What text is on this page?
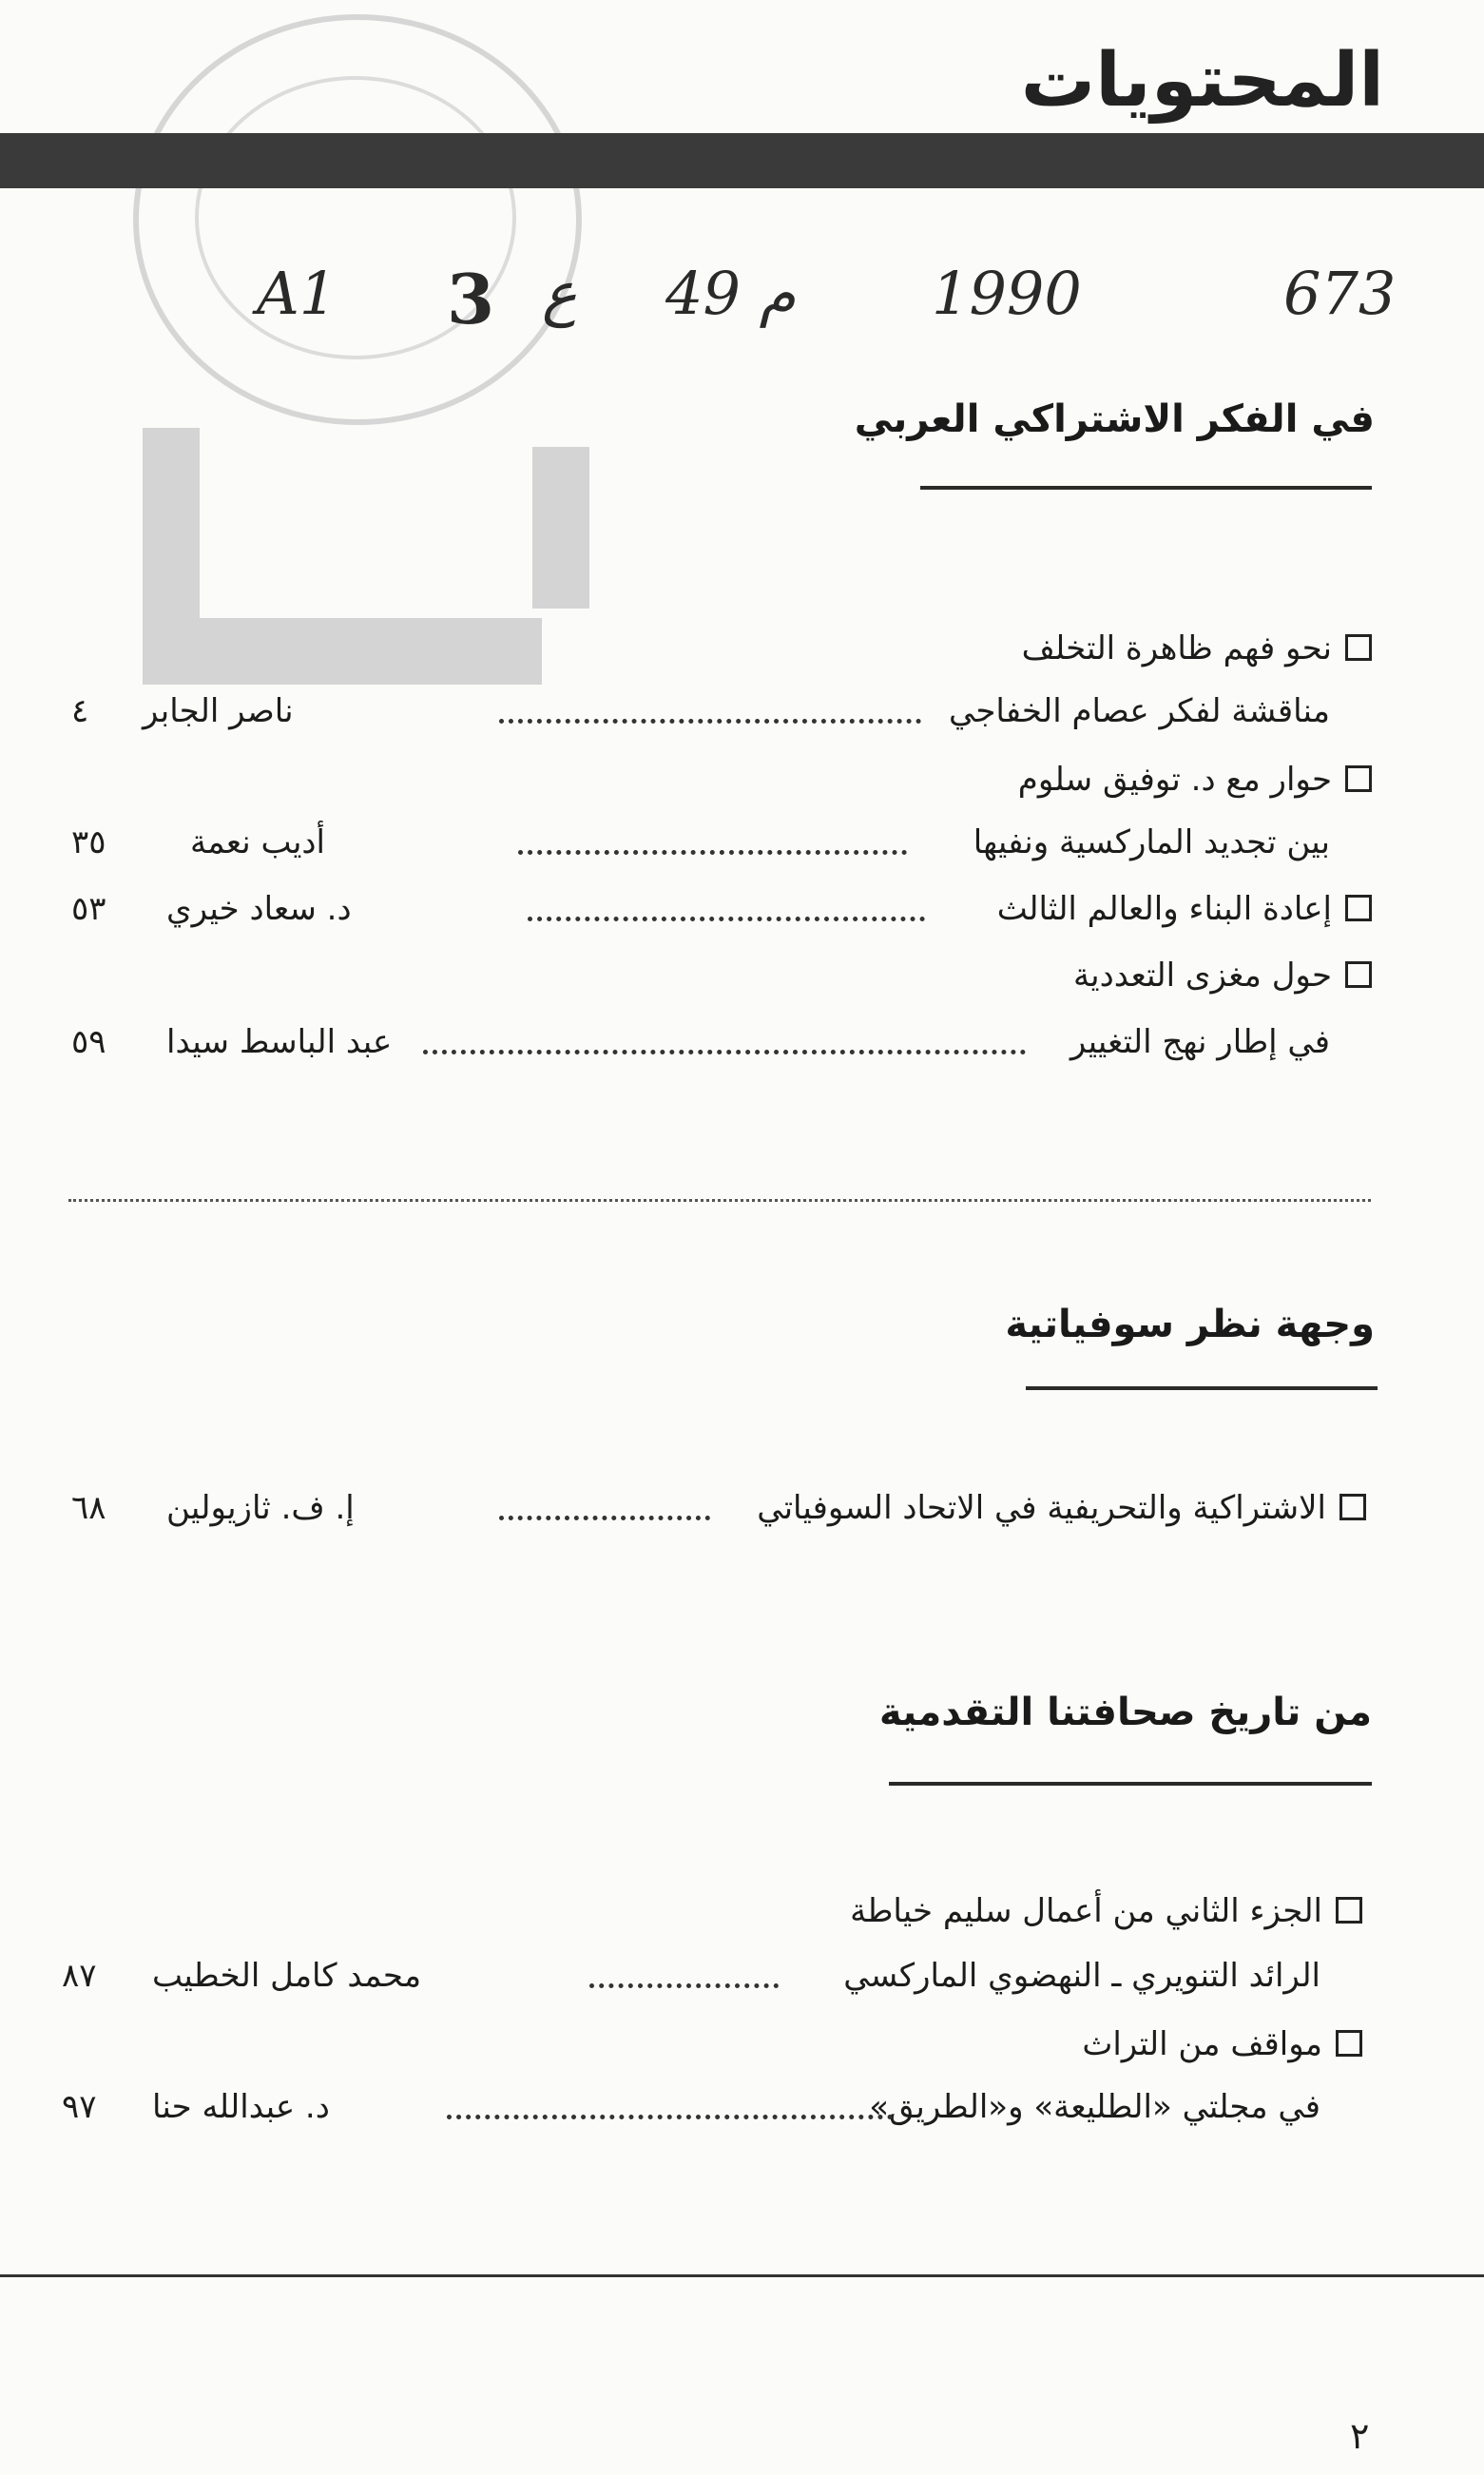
المحتويات
A1 3 ع 49 م 1990	673
في الفكر الاشتراكي العربي
نحو فهم ظاهرة التخلف
مناقشة لفكر عصام الخفاجي
ناصر الجابر
٤
حوار مع د. توفيق سلوم
بين تجديد الماركسية ونفيها
أديب نعمة
٣٥
إعادة البناء والعالم الثالث
د. سعاد خيري
٥٣
حول مغزى التعددية
في إطار نهج التغيير
عبد الباسط سيدا
٥٩
وجهة نظر سوفياتية
الاشتراكية والتحريفية في الاتحاد السوفياتي
إ. ف. ثازيولين
٦٨
من تاريخ صحافتنا التقدمية
الجزء الثاني من أعمال سليم خياطة
الرائد التنويري ـ النهضوي الماركسي
محمد كامل الخطيب
٨٧
مواقف من التراث
في مجلتي «الطليعة» و«الطريق»
د. عبدالله حنا
٩٧
٢
